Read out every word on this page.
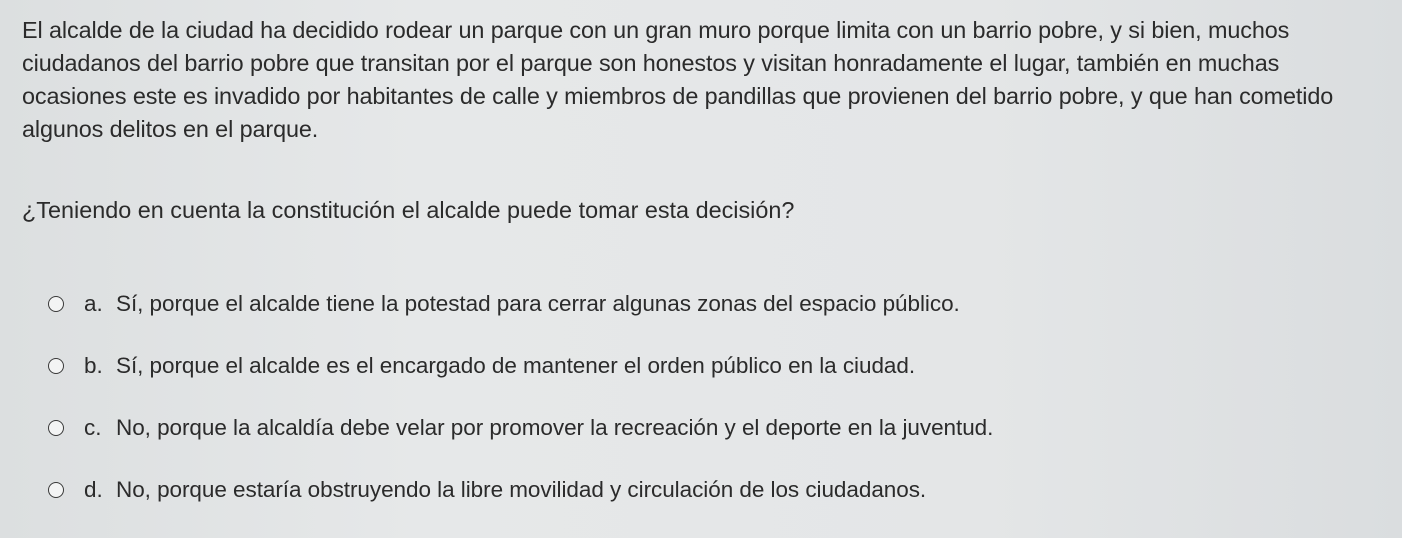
El alcalde de la ciudad ha decidido rodear un parque con un gran muro porque limita con un barrio pobre, y si bien, muchos ciudadanos del barrio pobre que transitan por el parque son honestos y visitan honradamente el lugar, también en muchas ocasiones este es invadido por habitantes de calle y miembros de pandillas que provienen del barrio pobre, y que han cometido algunos delitos en el parque.

¿Teniendo en cuenta la constitución el alcalde puede tomar esta decisión?

a. Sí, porque el alcalde tiene la potestad para cerrar algunas zonas del espacio público.
b. Sí, porque el alcalde es el encargado de mantener el orden público en la ciudad.
c. No, porque la alcaldía debe velar por promover la recreación y el deporte en la juventud.
d. No, porque estaría obstruyendo la libre movilidad y circulación de los ciudadanos.
